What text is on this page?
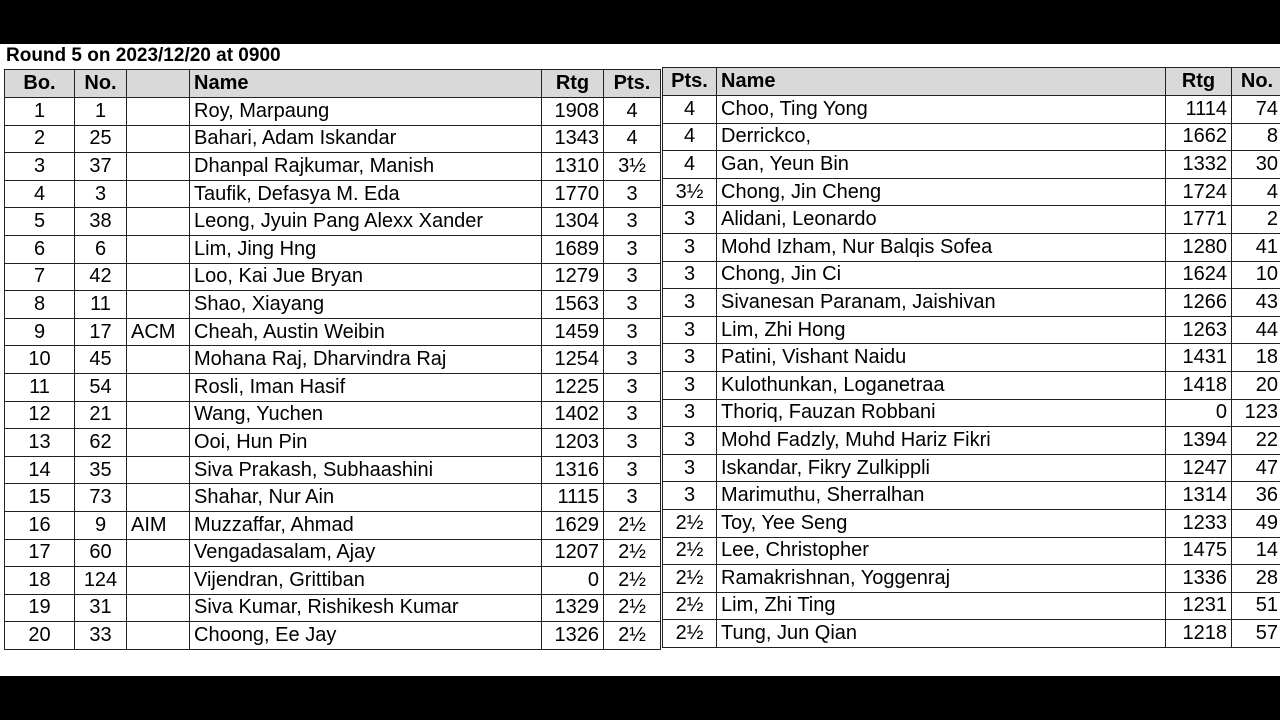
Round 5 on 2023/12/20 at 0900
Bo.	No.		Name	Rtg	Pts.
1	1		Roy, Marpaung	1908	4
2	25		Bahari, Adam Iskandar	1343	4
3	37		Dhanpal Rajkumar, Manish	1310	3½
4	3		Taufik, Defasya M. Eda	1770	3
5	38		Leong, Jyuin Pang Alexx Xander	1304	3
6	6		Lim, Jing Hng	1689	3
7	42		Loo, Kai Jue Bryan	1279	3
8	11		Shao, Xiayang	1563	3
9	17	ACM	Cheah, Austin Weibin	1459	3
10	45		Mohana Raj, Dharvindra Raj	1254	3
11	54		Rosli, Iman Hasif	1225	3
12	21		Wang, Yuchen	1402	3
13	62		Ooi, Hun Pin	1203	3
14	35		Siva Prakash, Subhaashini	1316	3
15	73		Shahar, Nur Ain	1115	3
16	9	AIM	Muzzaffar, Ahmad	1629	2½
17	60		Vengadasalam, Ajay	1207	2½
18	124		Vijendran, Grittiban	0	2½
19	31		Siva Kumar, Rishikesh Kumar	1329	2½
20	33		Choong, Ee Jay	1326	2½
Pts.	Name	Rtg	No.
4	Choo, Ting Yong	1114	74
4	Derrickco,	1662	8
4	Gan, Yeun Bin	1332	30
3½	Chong, Jin Cheng	1724	4
3	Alidani, Leonardo	1771	2
3	Mohd Izham, Nur Balqis Sofea	1280	41
3	Chong, Jin Ci	1624	10
3	Sivanesan Paranam, Jaishivan	1266	43
3	Lim, Zhi Hong	1263	44
3	Patini, Vishant Naidu	1431	18
3	Kulothunkan, Loganetraa	1418	20
3	Thoriq, Fauzan Robbani	0	123
3	Mohd Fadzly, Muhd Hariz Fikri	1394	22
3	Iskandar, Fikry Zulkippli	1247	47
3	Marimuthu, Sherralhan	1314	36
2½	Toy, Yee Seng	1233	49
2½	Lee, Christopher	1475	14
2½	Ramakrishnan, Yoggenraj	1336	28
2½	Lim, Zhi Ting	1231	51
2½	Tung, Jun Qian	1218	57
